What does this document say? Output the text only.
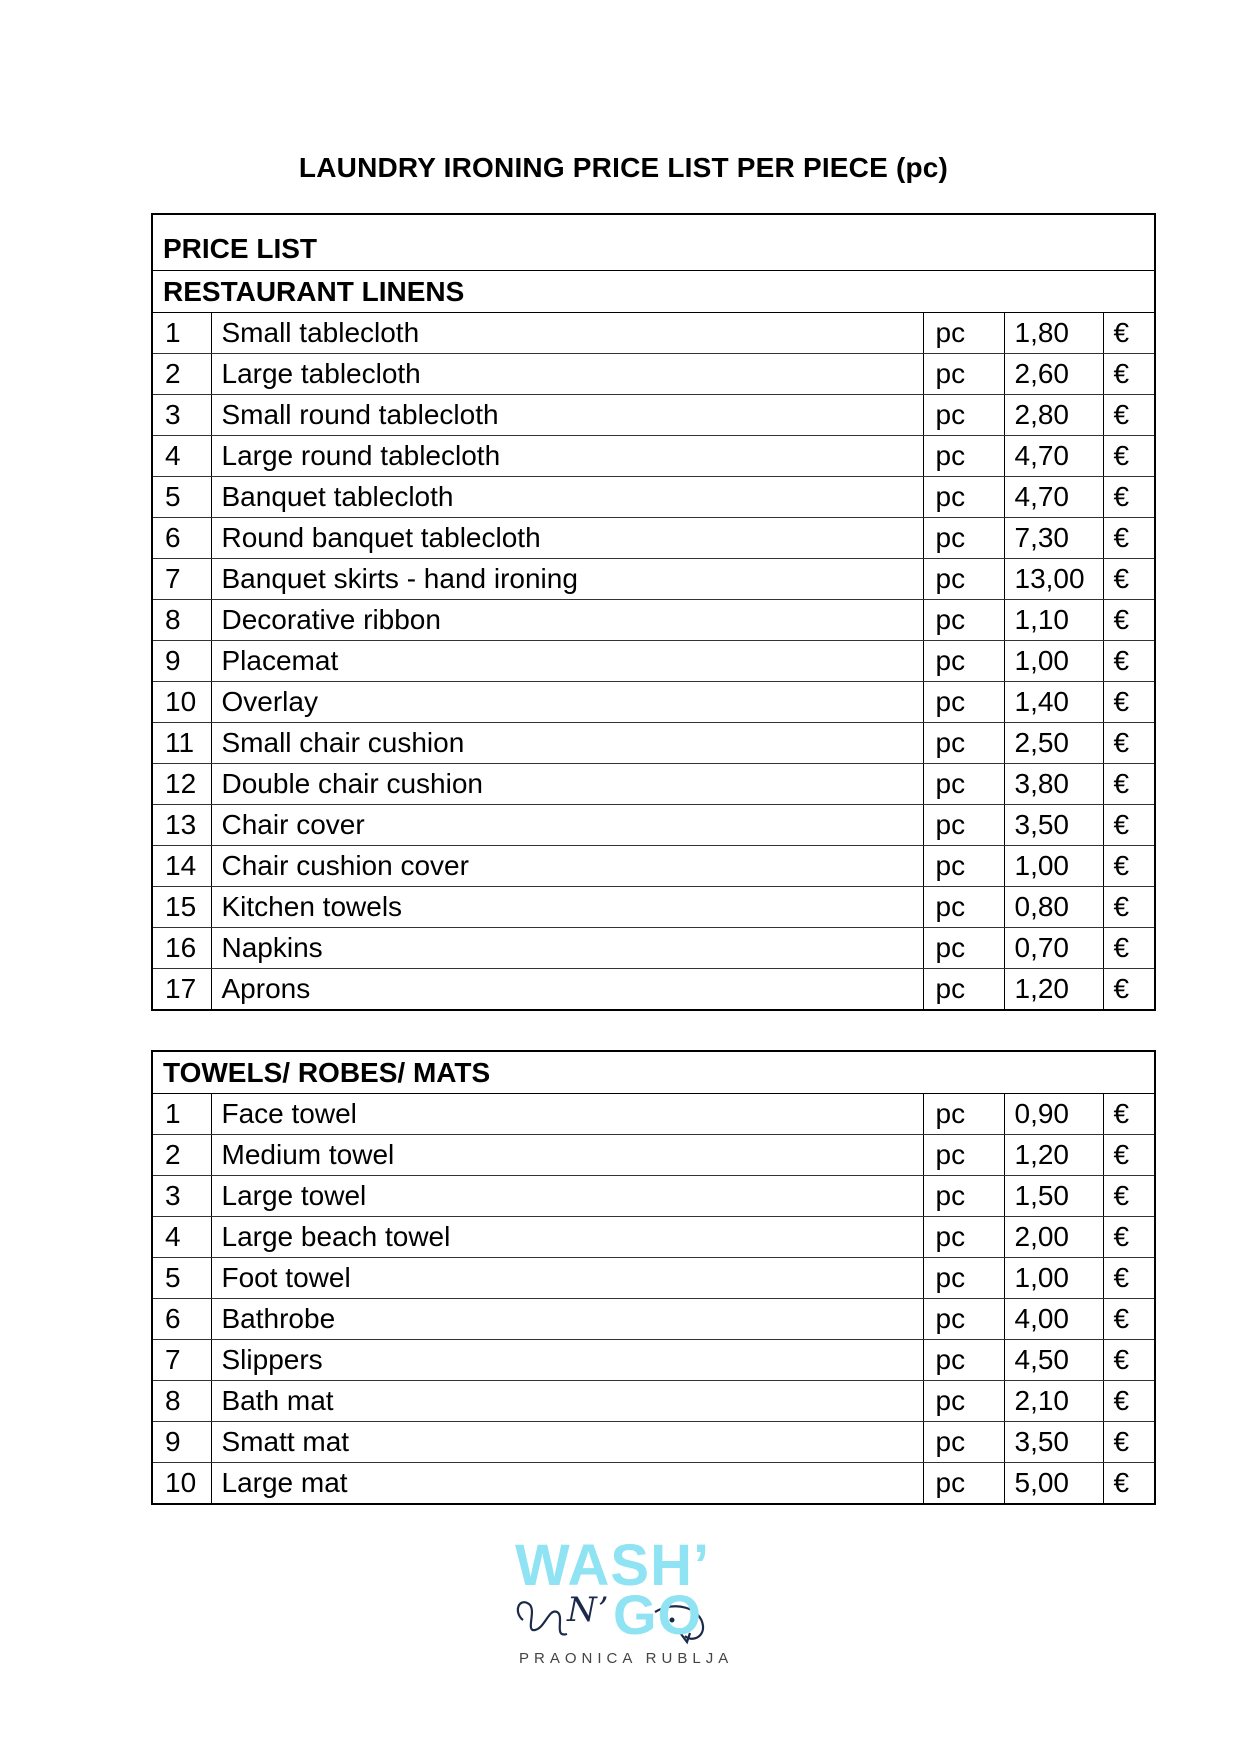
LAUNDRY IRONING PRICE LIST PER PIECE (pc)
PRICE LIST				
RESTAURANT LINENS				
1	Small tablecloth	pc	1,80	€
2	Large tablecloth	pc	2,60	€
3	Small round tablecloth	pc	2,80	€
4	Large round tablecloth	pc	4,70	€
5	Banquet tablecloth	pc	4,70	€
6	Round banquet tablecloth	pc	7,30	€
7	Banquet skirts - hand ironing	pc	13,00	€
8	Decorative ribbon	pc	1,10	€
9	Placemat	pc	1,00	€
10	Overlay	pc	1,40	€
11	Small chair cushion	pc	2,50	€
12	Double chair cushion	pc	3,80	€
13	Chair cover	pc	3,50	€
14	Chair cushion cover	pc	1,00	€
15	Kitchen towels	pc	0,80	€
16	Napkins	pc	0,70	€
17	Aprons	pc	1,20	€
TOWELS/ ROBES/ MATS				
1	Face towel	pc	0,90	€
2	Medium towel	pc	1,20	€
3	Large towel	pc	1,50	€
4	Large beach towel	pc	2,00	€
5	Foot towel	pc	1,00	€
6	Bathrobe	pc	4,00	€
7	Slippers	pc	4,50	€
8	Bath mat	pc	2,10	€
9	Smatt mat	pc	3,50	€
10	Large mat	pc	5,00	€
WASH’
N’ GO
PRAONICA RUBLJA
